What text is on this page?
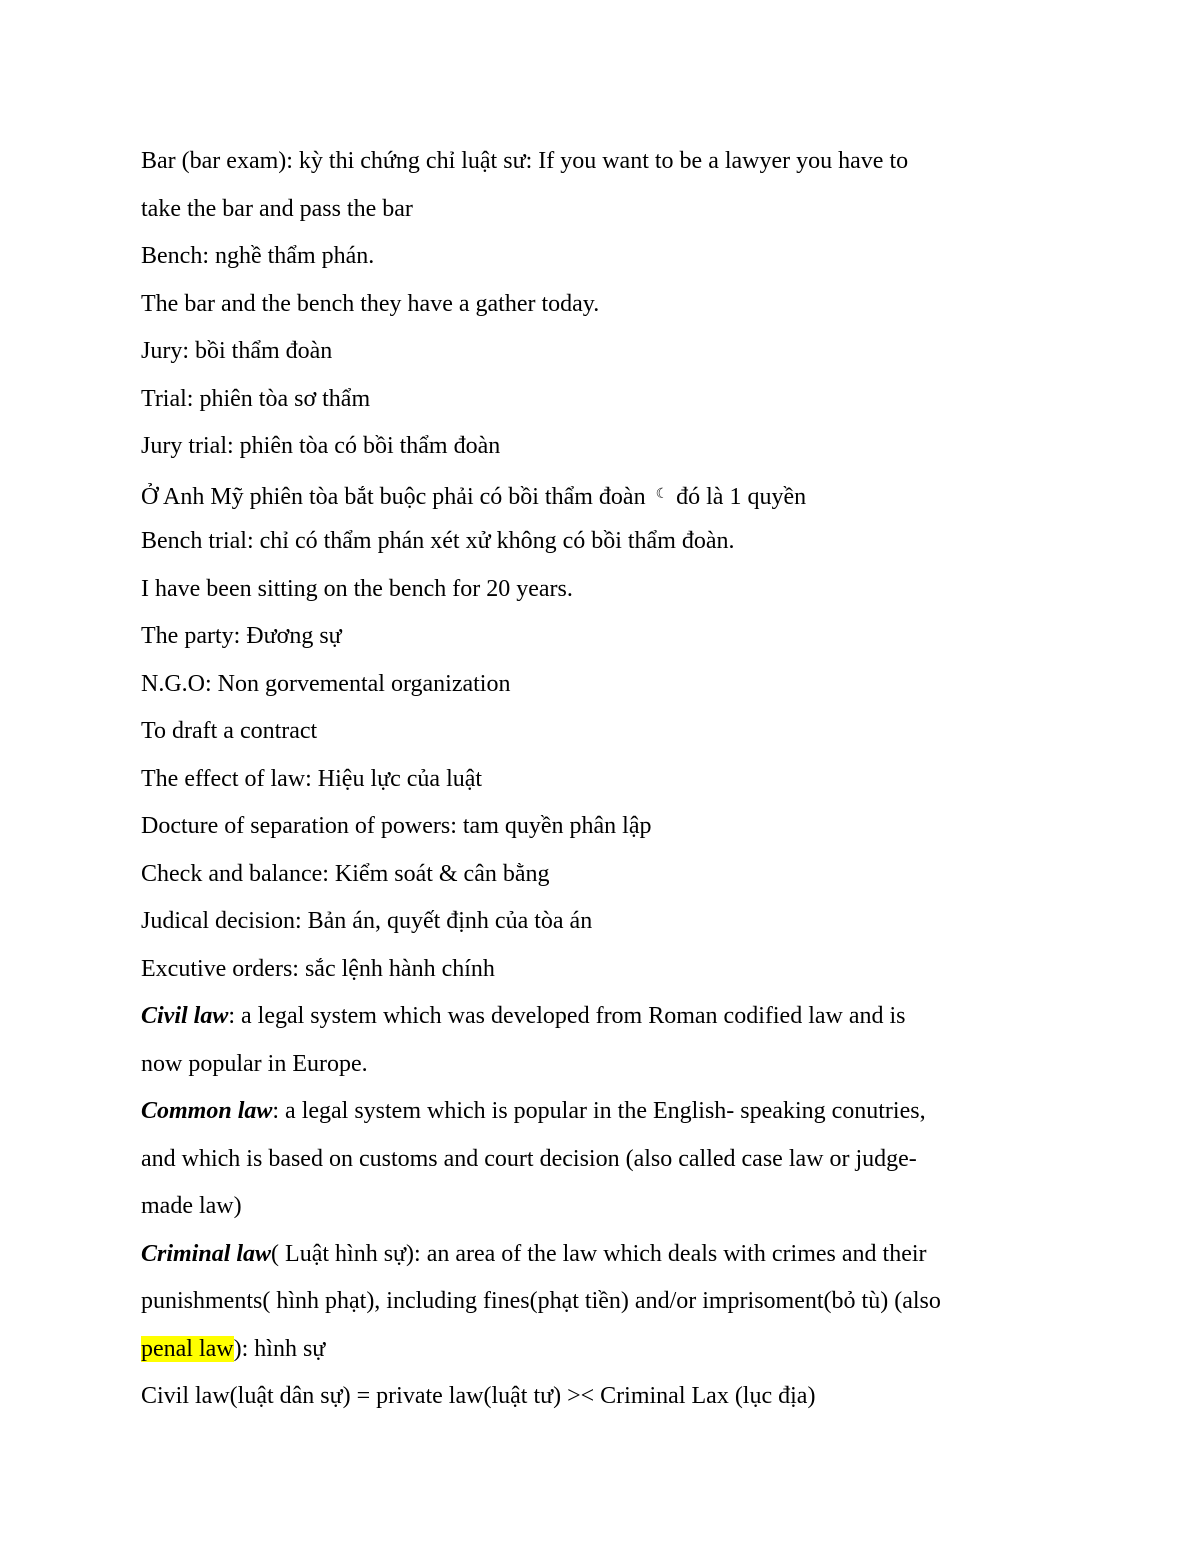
Bar (bar exam): kỳ thi chứng chỉ luật sư: If you want to be a lawyer you have to

take the bar and pass the bar

Bench: nghề thẩm phán.

The bar and the bench they have a gather today.

Jury: bồi thẩm đoàn

Trial: phiên tòa sơ thẩm

Jury trial: phiên tòa có bồi thẩm đoàn

Ở Anh Mỹ phiên tòa bắt buộc phải có bồi thẩm đoàn ☾ đó là 1 quyền

Bench trial: chỉ có thẩm phán xét xử không có bồi thẩm đoàn.

I have been sitting on the bench for 20 years.

The party: Đương sự

N.G.O: Non gorvemental organization

To draft a contract

The effect of law: Hiệu lực của luật

Docture of separation of powers: tam quyền phân lập

Check and balance: Kiểm soát & cân bằng

Judical decision: Bản án, quyết định của tòa án

Excutive orders: sắc lệnh hành chính

Civil law: a legal system which was developed from Roman codified law and is

now popular in Europe.

Common law: a legal system which is popular in the English- speaking conutries,

and which is based on customs and court decision (also called case law or judge-

made law)

Criminal law( Luật hình sự): an area of the law which deals with crimes and their

punishments( hình phạt), including fines(phạt tiền) and/or imprisoment(bỏ tù) (also

penal law): hình sự

Civil law(luật dân sự) = private law(luật tư) >< Criminal Lax (lục địa)
